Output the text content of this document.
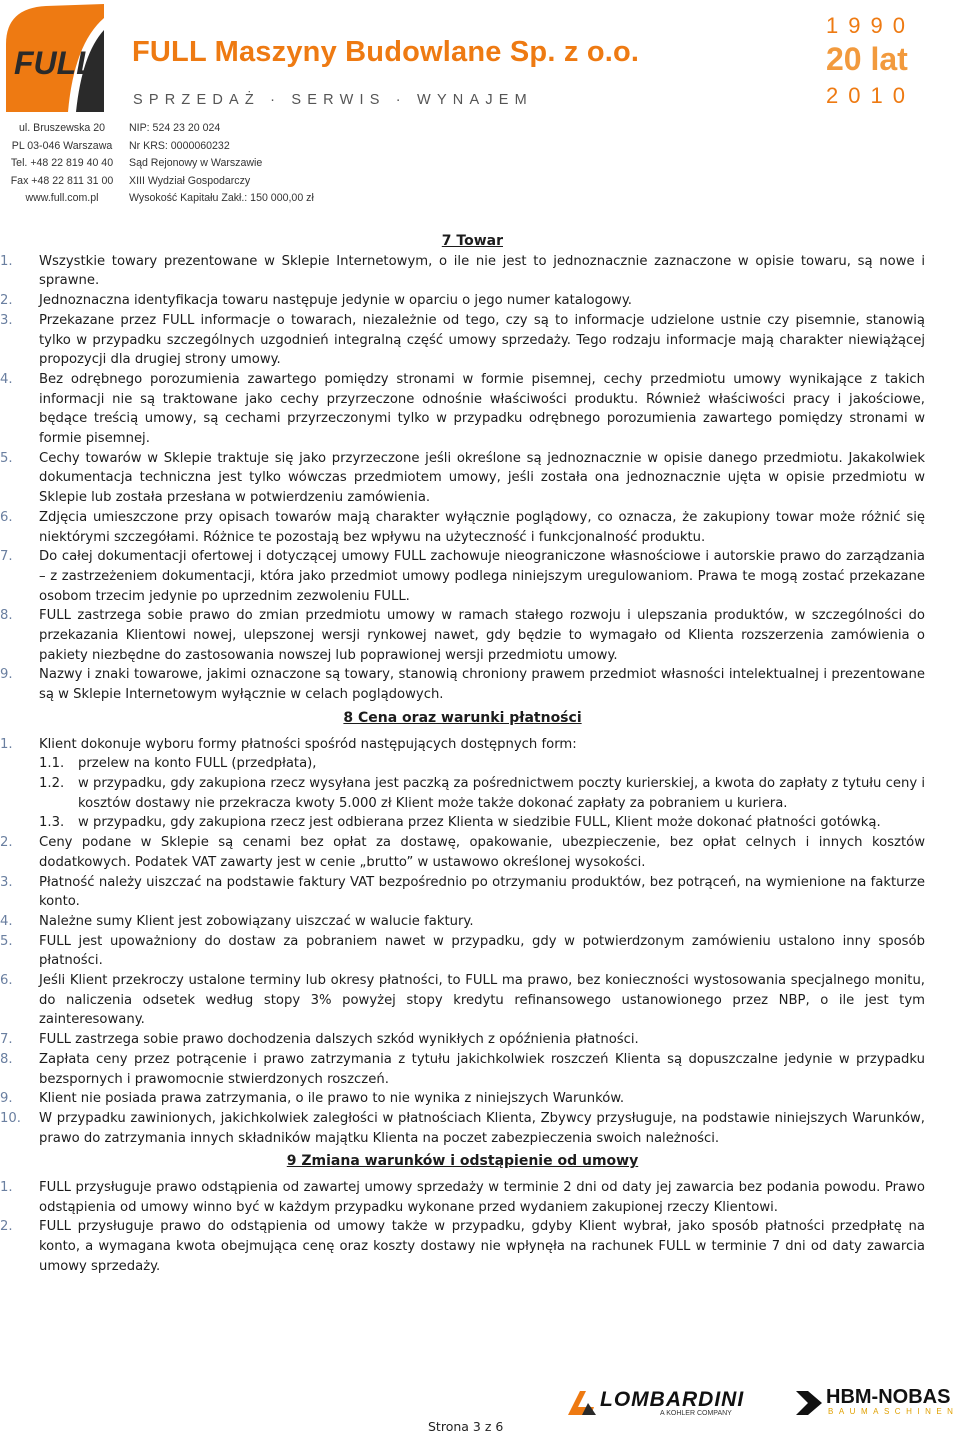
FULL FULL Maszyny Budowlane Sp. z o.o.
SPRZEDAŻ · SERWIS · WYNAJEM
1990
20 lat
2010
ul. Bruszewska 20
PL 03-046 Warszawa
Tel. +48 22 819 40 40
Fax +48 22 811 31 00
www.full.com.pl
NIP: 524 23 20 024
Nr KRS: 0000060232
Sąd Rejonowy w Warszawie
XIII Wydział Gospodarczy
Wysokość Kapitału Zakł.: 150 000,00 zł
7 Towar
1. Wszystkie towary prezentowane w Sklepie Internetowym, o ile nie jest to jednoznacznie zaznaczone w opisie towaru, są nowe i sprawne.
2. Jednoznaczna identyfikacja towaru następuje jedynie w oparciu o jego numer katalogowy.
3. Przekazane przez FULL informacje o towarach, niezależnie od tego, czy są to informacje udzielone ustnie czy pisemnie, stanowią tylko w przypadku szczególnych uzgodnień integralną część umowy sprzedaży. Tego rodzaju informacje mają charakter niewiążącej propozycji dla drugiej strony umowy.
4. Bez odrębnego porozumienia zawartego pomiędzy stronami w formie pisemnej, cechy przedmiotu umowy wynikające z takich informacji nie są traktowane jako cechy przyrzeczone odnośnie właściwości produktu. Również właściwości pracy i jakościowe, będące treścią umowy, są cechami przyrzeczonymi tylko w przypadku odrębnego porozumienia zawartego pomiędzy stronami w formie pisemnej.
5. Cechy towarów w Sklepie traktuje się jako przyrzeczone jeśli określone są jednoznacznie w opisie danego przedmiotu. Jakakolwiek dokumentacja techniczna jest tylko wówczas przedmiotem umowy, jeśli została ona jednoznacznie ujęta w opisie przedmiotu w Sklepie lub została przesłana w potwierdzeniu zamówienia.
6. Zdjęcia umieszczone przy opisach towarów mają charakter wyłącznie poglądowy, co oznacza, że zakupiony towar może różnić się niektórymi szczegółami. Różnice te pozostają bez wpływu na użyteczność i funkcjonalność produktu.
7. Do całej dokumentacji ofertowej i dotyczącej umowy FULL zachowuje nieograniczone własnościowe i autorskie prawo do zarządzania – z zastrzeżeniem dokumentacji, która jako przedmiot umowy podlega niniejszym uregulowaniom. Prawa te mogą zostać przekazane osobom trzecim jedynie po uprzednim zezwoleniu FULL.
8. FULL zastrzega sobie prawo do zmian przedmiotu umowy w ramach stałego rozwoju i ulepszania produktów, w szczególności do przekazania Klientowi nowej, ulepszonej wersji rynkowej nawet, gdy będzie to wymagało od Klienta rozszerzenia zamówienia o pakiety niezbędne do zastosowania nowszej lub poprawionej wersji przedmiotu umowy.
9. Nazwy i znaki towarowe, jakimi oznaczone są towary, stanowią chroniony prawem przedmiot własności intelektualnej i prezentowane są w Sklepie Internetowym wyłącznie w celach poglądowych.
8 Cena oraz warunki płatności
1. Klient dokonuje wyboru formy płatności spośród następujących dostępnych form:
1.1. przelew na konto FULL (przedpłata),
1.2. w przypadku, gdy zakupiona rzecz wysyłana jest paczką za pośrednictwem poczty kurierskiej, a kwota do zapłaty z tytułu ceny i kosztów dostawy nie przekracza kwoty 5.000 zł Klient może także dokonać zapłaty za pobraniem u kuriera.
1.3. w przypadku, gdy zakupiona rzecz jest odbierana przez Klienta w siedzibie FULL, Klient może dokonać płatności gotówką.
2. Ceny podane w Sklepie są cenami bez opłat za dostawę, opakowanie, ubezpieczenie, bez opłat celnych i innych kosztów dodatkowych. Podatek VAT zawarty jest w cenie „brutto” w ustawowo określonej wysokości.
3. Płatność należy uiszczać na podstawie faktury VAT bezpośrednio po otrzymaniu produktów, bez potrąceń, na wymienione na fakturze konto.
4. Należne sumy Klient jest zobowiązany uiszczać w walucie faktury.
5. FULL jest upoważniony do dostaw za pobraniem nawet w przypadku, gdy w potwierdzonym zamówieniu ustalono inny sposób płatności.
6. Jeśli Klient przekroczy ustalone terminy lub okresy płatności, to FULL ma prawo, bez konieczności wystosowania specjalnego monitu, do naliczenia odsetek według stopy 3% powyżej stopy kredytu refinansowego ustanowionego przez NBP, o ile jest tym zainteresowany.
7. FULL zastrzega sobie prawo dochodzenia dalszych szkód wynikłych z opóźnienia płatności.
8. Zapłata ceny przez potrącenie i prawo zatrzymania z tytułu jakichkolwiek roszczeń Klienta są dopuszczalne jedynie w przypadku bezspornych i prawomocnie stwierdzonych roszczeń.
9. Klient nie posiada prawa zatrzymania, o ile prawo to nie wynika z niniejszych Warunków.
10. W przypadku zawinionych, jakichkolwiek zaległości w płatnościach Klienta, Zbywcy przysługuje, na podstawie niniejszych Warunków, prawo do zatrzymania innych składników majątku Klienta na poczet zabezpieczenia swoich należności.
9 Zmiana warunków i odstąpienie od umowy
1. FULL przysługuje prawo odstąpienia od zawartej umowy sprzedaży w terminie 2 dni od daty jej zawarcia bez podania powodu. Prawo odstąpienia od umowy winno być w każdym przypadku wykonane przed wydaniem zakupionej rzeczy Klientowi.
2. FULL przysługuje prawo do odstąpienia od umowy także w przypadku, gdyby Klient wybrał, jako sposób płatności przedpłatę na konto, a wymagana kwota obejmująca cenę oraz koszty dostawy nie wpłynęła na rachunek FULL w terminie 7 dni od daty zawarcia umowy sprzedaży.
Strona 3 z 6
LOMBARDINI
A KOHLER COMPANY
HBM-NOBAS
BAUMASCHINEN
